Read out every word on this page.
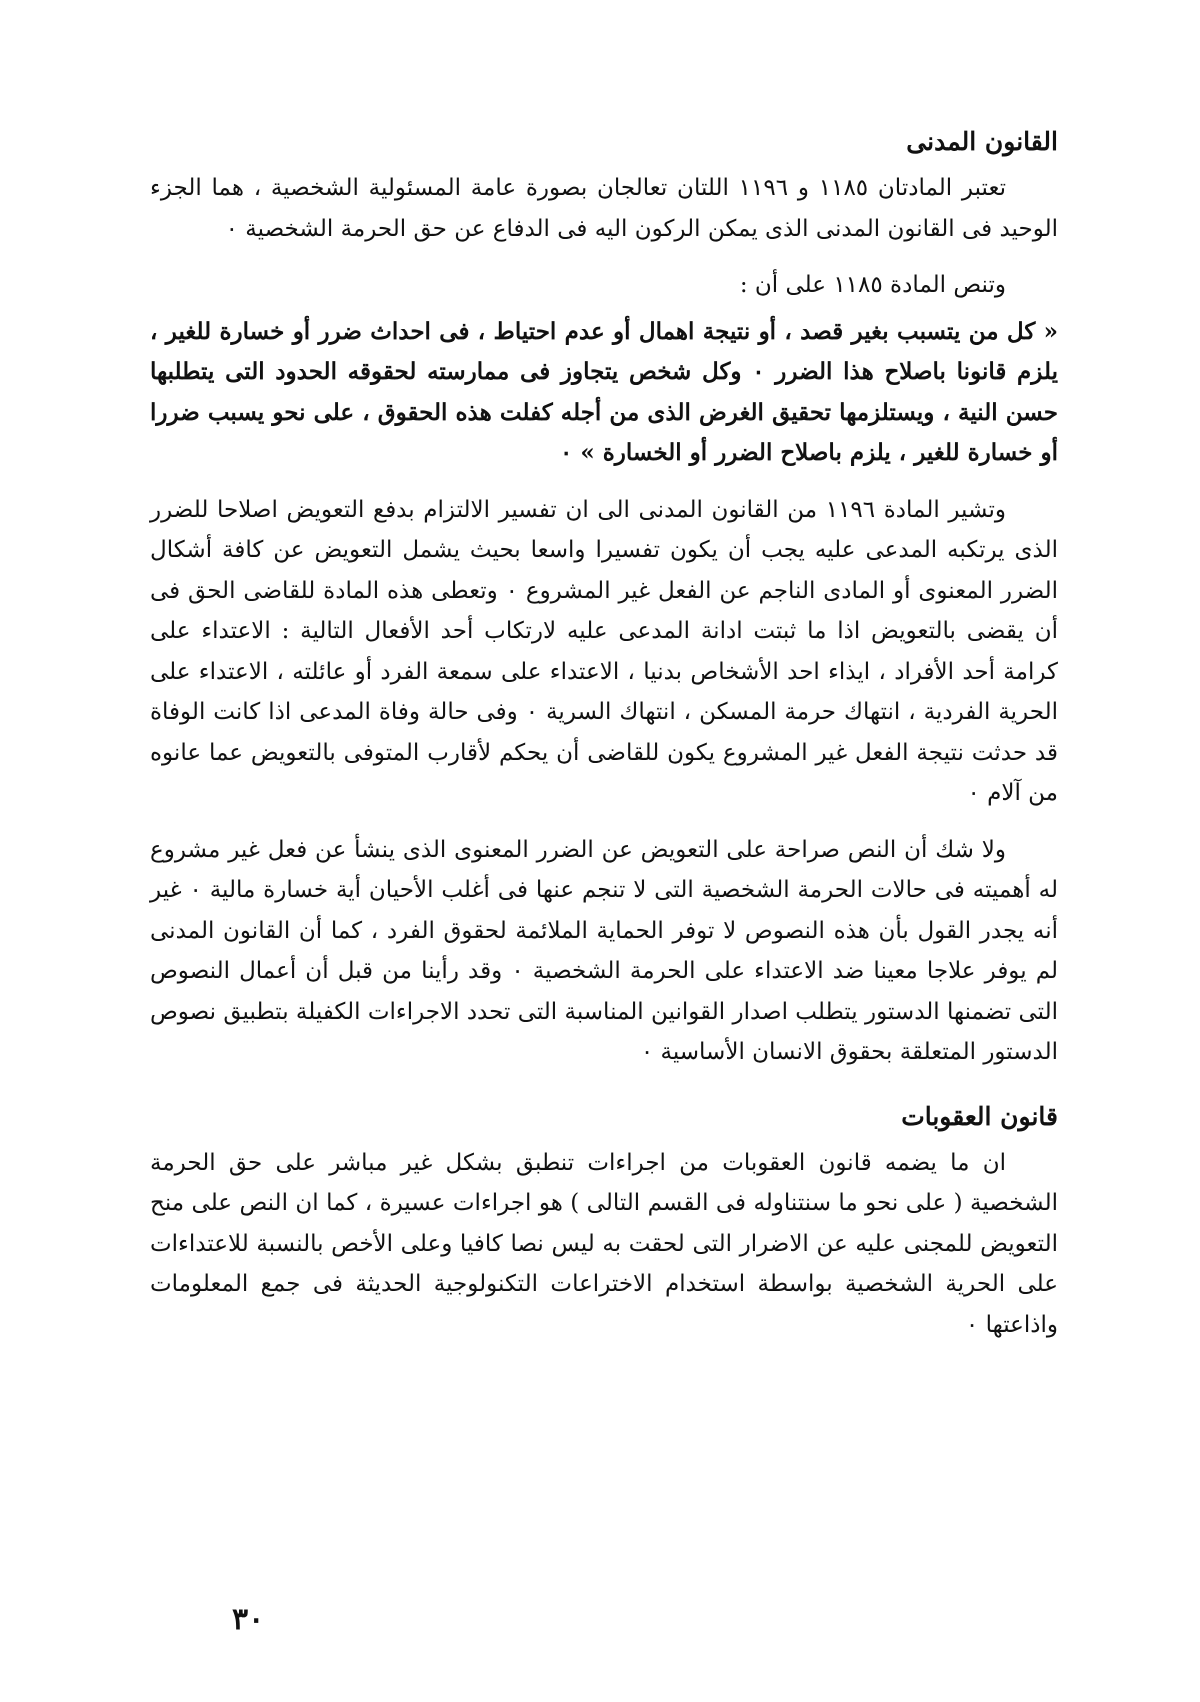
القانون المدنى

تعتبر المادتان ١١٨٥ و ١١٩٦ اللتان تعالجان بصورة عامة المسئولية الشخصية ، هما الجزء الوحيد فى القانون المدنى الذى يمكن الركون اليه فى الدفاع عن حق الحرمة الشخصية ٠

وتنص المادة ١١٨٥ على أن :

« كل من يتسبب بغير قصد ، أو نتيجة اهمال أو عدم احتياط ، فى احداث ضرر أو خسارة للغير ، يلزم قانونا باصلاح هذا الضرر ٠ وكل شخص يتجاوز فى ممارسته لحقوقه الحدود التى يتطلبها حسن النية ، ويستلزمها تحقيق الغرض الذى من أجله كفلت هذه الحقوق ، على نحو يسبب ضررا أو خسارة للغير ، يلزم باصلاح الضرر أو الخسارة » ٠

وتشير المادة ١١٩٦ من القانون المدنى الى ان تفسير الالتزام بدفع التعويض اصلاحا للضرر الذى يرتكبه المدعى عليه يجب أن يكون تفسيرا واسعا بحيث يشمل التعويض عن كافة أشكال الضرر المعنوى أو المادى الناجم عن الفعل غير المشروع ٠ وتعطى هذه المادة للقاضى الحق فى أن يقضى بالتعويض اذا ما ثبتت ادانة المدعى عليه لارتكاب أحد الأفعال التالية : الاعتداء على كرامة أحد الأفراد ، ايذاء احد الأشخاص بدنيا ، الاعتداء على سمعة الفرد أو عائلته ، الاعتداء على الحرية الفردية ، انتهاك حرمة المسكن ، انتهاك السرية ٠ وفى حالة وفاة المدعى اذا كانت الوفاة قد حدثت نتيجة الفعل غير المشروع يكون للقاضى أن يحكم لأقارب المتوفى بالتعويض عما عانوه من آلام ٠

ولا شك أن النص صراحة على التعويض عن الضرر المعنوى الذى ينشأ عن فعل غير مشروع له أهميته فى حالات الحرمة الشخصية التى لا تنجم عنها فى أغلب الأحيان أية خسارة مالية ٠ غير أنه يجدر القول بأن هذه النصوص لا توفر الحماية الملائمة لحقوق الفرد ، كما أن القانون المدنى لم يوفر علاجا معينا ضد الاعتداء على الحرمة الشخصية ٠ وقد رأينا من قبل أن أعمال النصوص التى تضمنها الدستور يتطلب اصدار القوانين المناسبة التى تحدد الاجراءات الكفيلة بتطبيق نصوص الدستور المتعلقة بحقوق الانسان الأساسية ٠

قانون العقوبات

ان ما يضمه قانون العقوبات من اجراءات تنطبق بشكل غير مباشر على حق الحرمة الشخصية ( على نحو ما سنتناوله فى القسم التالى ) هو اجراءات عسيرة ، كما ان النص على منح التعويض للمجنى عليه عن الاضرار التى لحقت به ليس نصا كافيا وعلى الأخص بالنسبة للاعتداءات على الحرية الشخصية بواسطة استخدام الاختراعات التكنولوجية الحديثة فى جمع المعلومات واذاعتها ٠

٣٠
